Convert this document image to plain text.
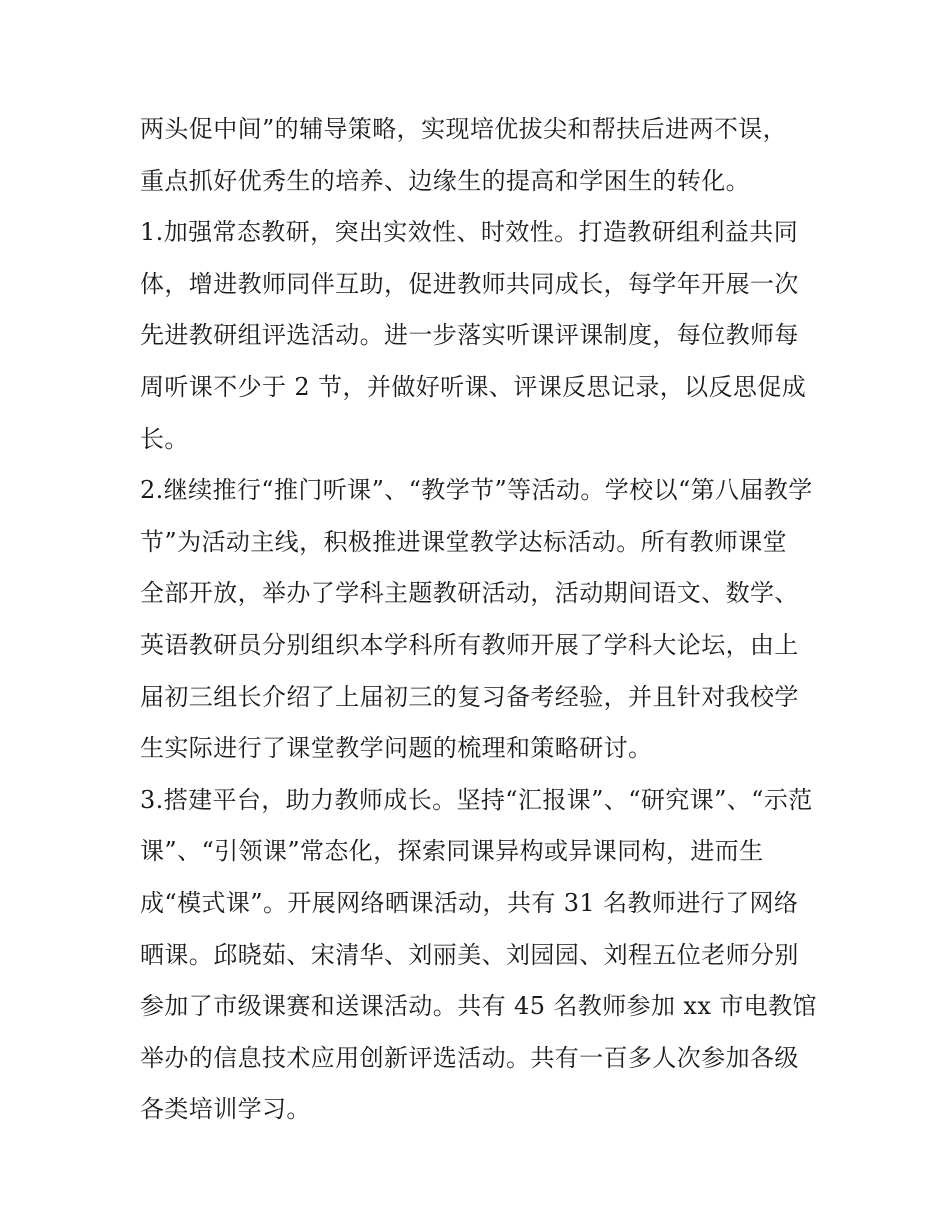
两头促中间”的辅导策略，实现培优拔尖和帮扶后进两不误，
重点抓好优秀生的培养、边缘生的提高和学困生的转化。
1.加强常态教研，突出实效性、时效性。打造教研组利益共同
体，增进教师同伴互助，促进教师共同成长，每学年开展一次
先进教研组评选活动。进一步落实听课评课制度，每位教师每
周听课不少于 2 节，并做好听课、评课反思记录，以反思促成
长。
2.继续推行“推门听课”、“教学节”等活动。学校以“第八届教学
节”为活动主线，积极推进课堂教学达标活动。所有教师课堂
全部开放，举办了学科主题教研活动，活动期间语文、数学、
英语教研员分别组织本学科所有教师开展了学科大论坛，由上
届初三组长介绍了上届初三的复习备考经验，并且针对我校学
生实际进行了课堂教学问题的梳理和策略研讨。
3.搭建平台，助力教师成长。坚持“汇报课”、“研究课”、“示范
课”、“引领课”常态化，探索同课异构或异课同构，进而生
成“模式课”。开展网络晒课活动，共有 31 名教师进行了网络
晒课。邱晓茹、宋清华、刘丽美、刘园园、刘程五位老师分别
参加了市级课赛和送课活动。共有 45 名教师参加 xx 市电教馆
举办的信息技术应用创新评选活动。共有一百多人次参加各级
各类培训学习。
